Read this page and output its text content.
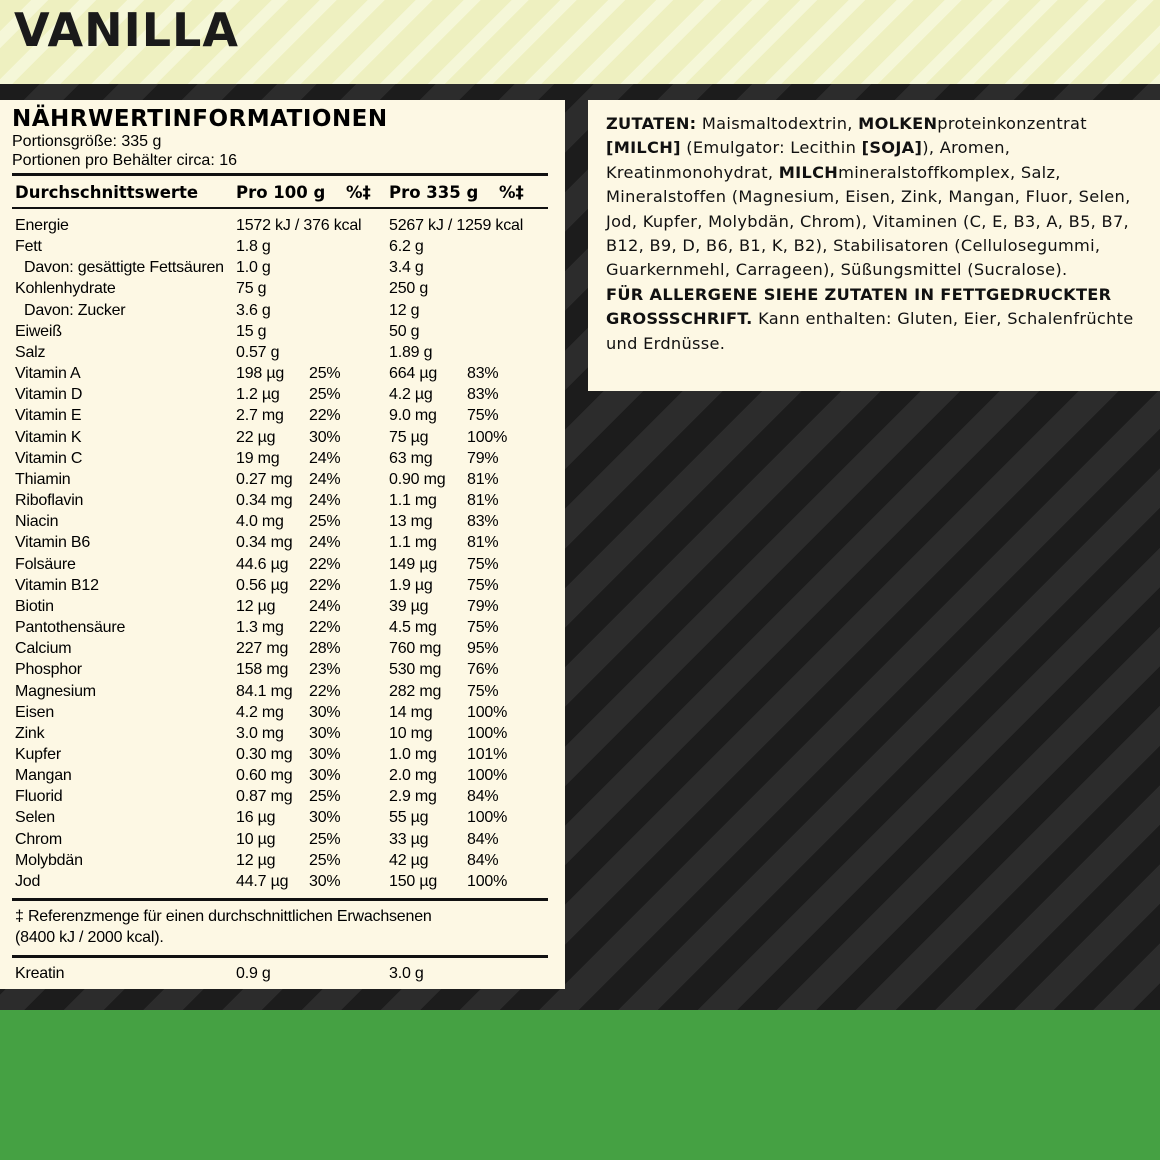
VANILLA
NÄHRWERTINFORMATIONEN
Portionsgröße: 335 g
Portionen pro Behälter circa: 16
Durchschnittswerte Pro 100 g %‡ Pro 335 g %‡
Energie	1572 kJ / 376 kcal 5267 kJ / 1259 kcal
Fett	1.8 g	6.2 g
Davon: gesättigte Fettsäuren 1.0 g	3.4 g
Kohlenhydrate	75 g	250 g
Davon: Zucker	3.6 g	12 g
Eiweiß	15 g	50 g
Salz	0.57 g	1.89 g
Vitamin A	198 µg 25%	664 µg 83%
Vitamin D	1.2 µg 25%	4.2 µg 83%
Vitamin E	2.7 mg 22%	9.0 mg 75%
Vitamin K	22 µg 30%	75 µg 100%
Vitamin C	19 mg 24%	63 mg 79%
Thiamin	0.27 mg 24%	0.90 mg 81%
Riboflavin	0.34 mg 24%	1.1 mg 81%
Niacin	4.0 mg 25%	13 mg 83%
Vitamin B6	0.34 mg 24%	1.1 mg 81%
Folsäure	44.6 µg 22%	149 µg 75%
Vitamin B12	0.56 µg 22%	1.9 µg 75%
Biotin	12 µg 24%	39 µg 79%
Pantothensäure	1.3 mg 22%	4.5 mg 75%
Calcium	227 mg 28%	760 mg 95%
Phosphor	158 mg 23%	530 mg 76%
Magnesium	84.1 mg 22%	282 mg 75%
Eisen	4.2 mg 30%	14 mg 100%
Zink	3.0 mg 30%	10 mg 100%
Kupfer	0.30 mg 30%	1.0 mg 101%
Mangan	0.60 mg 30%	2.0 mg 100%
Fluorid	0.87 mg 25%	2.9 mg 84%
Selen	16 µg 30%	55 µg 100%
Chrom	10 µg 25%	33 µg 84%
Molybdän	12 µg 25%	42 µg 84%
Jod	44.7 µg 30%	150 µg 100%
‡ Referenzmenge für einen durchschnittlichen Erwachsenen
(8400 kJ / 2000 kcal).
Kreatin	0.9 g	3.0 g
ZUTATEN: Maismaltodextrin, MOLKENproteinkonzentrat [MILCH] (Emulgator: Lecithin [SOJA]), Aromen, Kreatinmonohydrat, MILCHmineralstoffkomplex, Salz, Mineralstoffen (Magnesium, Eisen, Zink, Mangan, Fluor, Selen, Jod, Kupfer, Molybdän, Chrom), Vitaminen (C, E, B3, A, B5, B7, B12, B9, D, B6, B1, K, B2), Stabilisatoren (Cellulosegummi, Guarkernmehl, Carrageen), Süßungsmittel (Sucralose).
FÜR ALLERGENE SIEHE ZUTATEN IN FETTGEDRUCKTER GROSSSCHRIFT. Kann enthalten: Gluten, Eier, Schalenfrüchte und Erdnüsse.
